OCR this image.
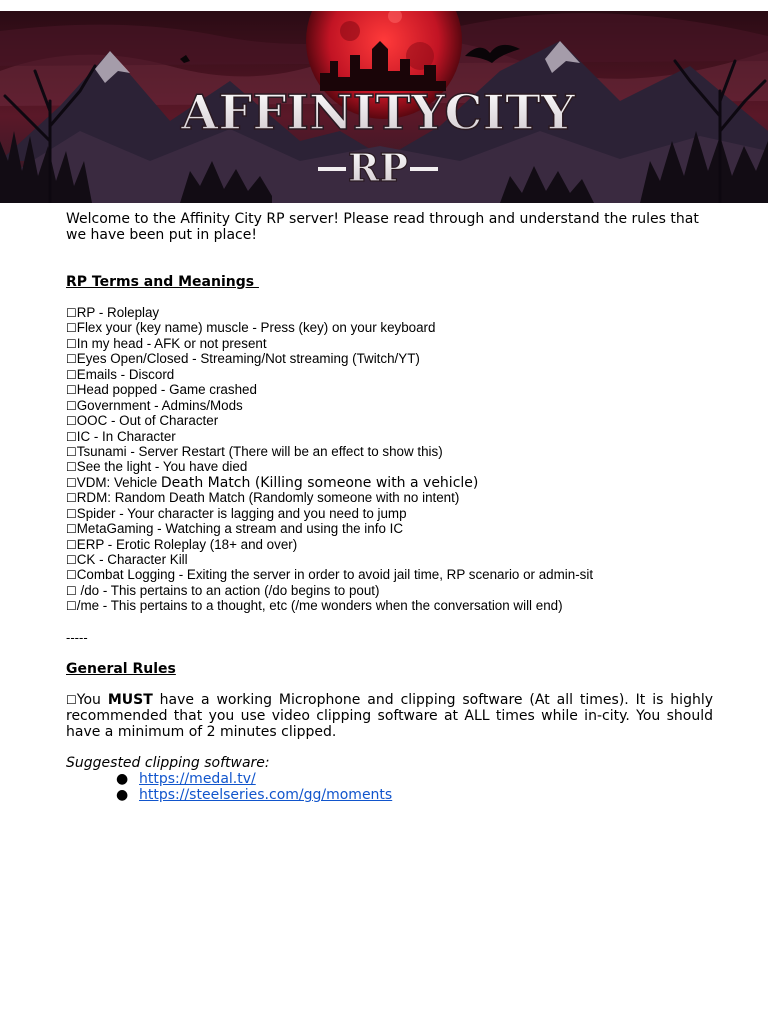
AFFINITYCITY
RP

Welcome to the Affinity City RP server! Please read through and understand the rules that we have been put in place!

RP Terms and Meanings

☐RP - Roleplay
☐Flex your (key name) muscle - Press (key) on your keyboard
☐In my head - AFK or not present
☐Eyes Open/Closed - Streaming/Not streaming (Twitch/YT)
☐Emails - Discord
☐Head popped - Game crashed
☐Government - Admins/Mods
☐OOC - Out of Character
☐IC - In Character
☐Tsunami - Server Restart (There will be an effect to show this)
☐See the light - You have died
☐VDM: Vehicle Death Match (Killing someone with a vehicle)
☐RDM: Random Death Match (Randomly someone with no intent)
☐Spider - Your character is lagging and you need to jump
☐MetaGaming - Watching a stream and using the info IC
☐ERP - Erotic Roleplay (18+ and over)
☐CK - Character Kill
☐Combat Logging - Exiting the server in order to avoid jail time, RP scenario or admin-sit
☐ /do - This pertains to an action (/do begins to pout)
☐/me - This pertains to a thought, etc (/me wonders when the conversation will end)

-----

General Rules

☐You MUST have a working Microphone and clipping software (At all times). It is highly recommended that you use video clipping software at ALL times while in-city. You should have a minimum of 2 minutes clipped.

Suggested clipping software:

● https://medal.tv/
● https://steelseries.com/gg/moments
